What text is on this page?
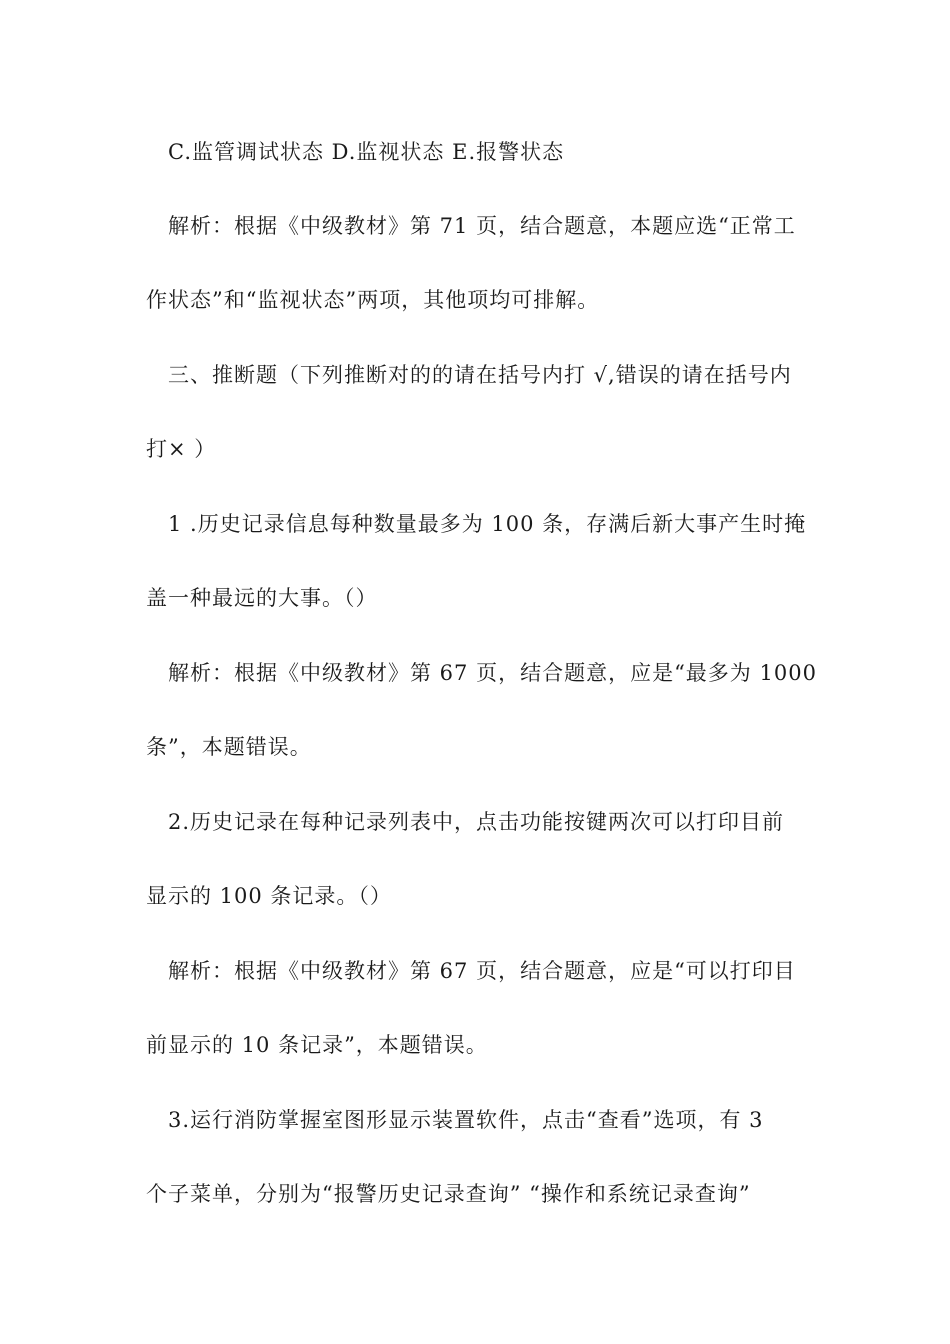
C.监管调试状态 D.监视状态 E.报警状态
解析：根据《中级教材》第 71 页，结合题意，本题应选“正常工
作状态”和“监视状态”两项，其他项均可排解。
三、推断题（下列推断对的的请在括号内打 √,错误的请在括号内
打× ）
1 .历史记录信息每种数量最多为 100 条，存满后新大事产生时掩
盖一种最远的大事。（）
解析：根据《中级教材》第 67 页，结合题意，应是“最多为 1000
条”，本题错误。
2.历史记录在每种记录列表中，点击功能按键两次可以打印目前
显示的 100 条记录。（）
解析：根据《中级教材》第 67 页，结合题意，应是“可以打印目
前显示的 10 条记录”，本题错误。
3.运行消防掌握室图形显示装置软件，点击“查看”选项，有 3
个子菜单，分别为“报警历史记录查询” “操作和系统记录查询”
